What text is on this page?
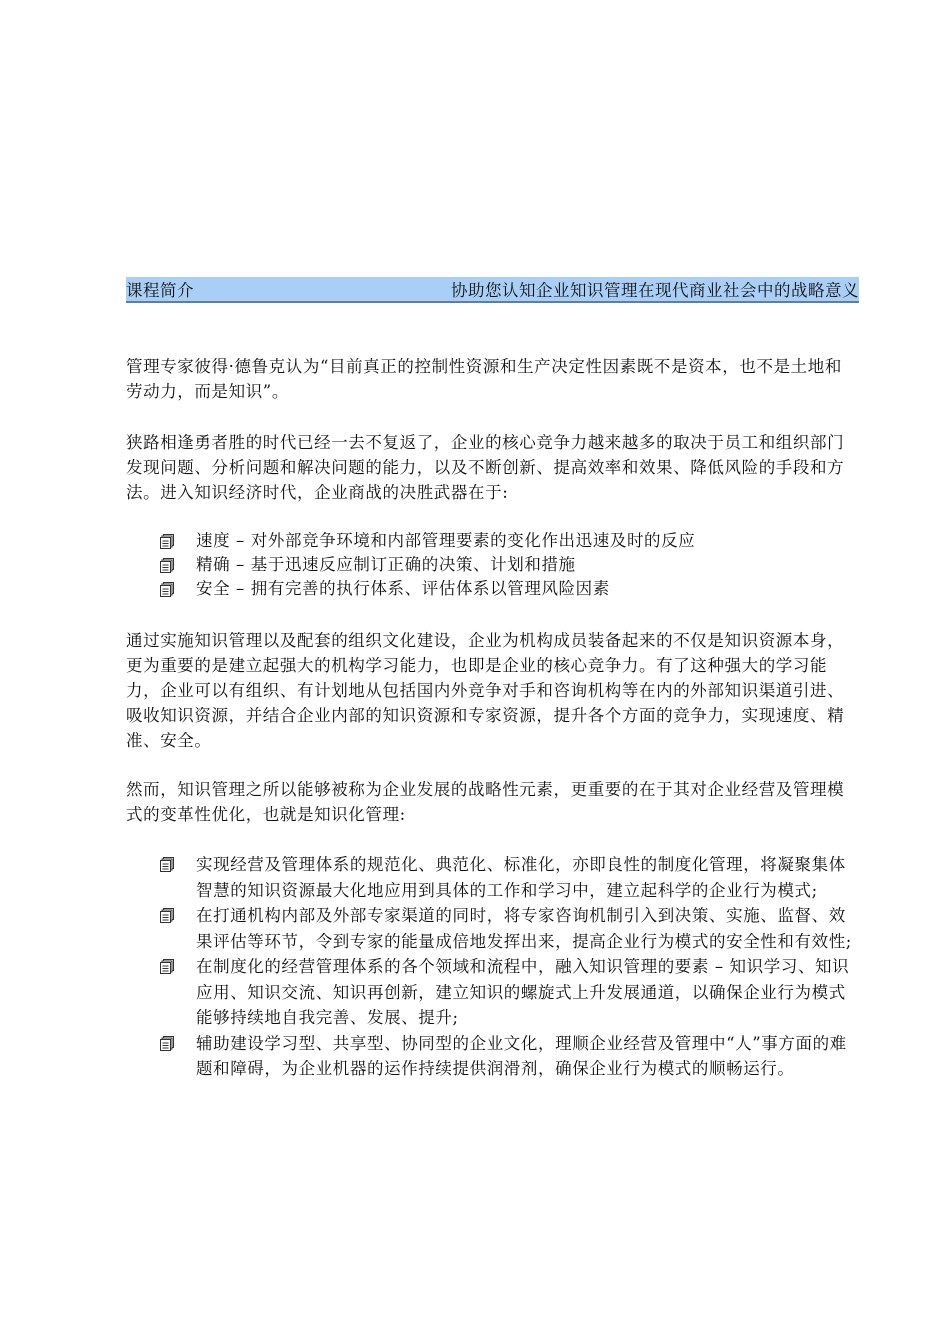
课程简介	协助您认知企业知识管理在现代商业社会中的战略意义

管理专家彼得·德鲁克认为“目前真正的控制性资源和生产决定性因素既不是资本，也不是土地和劳动力，而是知识”。

狭路相逢勇者胜的时代已经一去不复返了，企业的核心竞争力越来越多的取决于员工和组织部门发现问题、分析问题和解决问题的能力，以及不断创新、提高效率和效果、降低风险的手段和方法。进入知识经济时代，企业商战的决胜武器在于:

速度 – 对外部竞争环境和内部管理要素的变化作出迅速及时的反应
精确 – 基于迅速反应制订正确的决策、计划和措施
安全 – 拥有完善的执行体系、评估体系以管理风险因素

通过实施知识管理以及配套的组织文化建设，企业为机构成员装备起来的不仅是知识资源本身，更为重要的是建立起强大的机构学习能力，也即是企业的核心竞争力。有了这种强大的学习能力，企业可以有组织、有计划地从包括国内外竞争对手和咨询机构等在内的外部知识渠道引进、吸收知识资源，并结合企业内部的知识资源和专家资源，提升各个方面的竞争力，实现速度、精准、安全。

然而，知识管理之所以能够被称为企业发展的战略性元素，更重要的在于其对企业经营及管理模式的变革性优化，也就是知识化管理:

实现经营及管理体系的规范化、典范化、标准化，亦即良性的制度化管理，将凝聚集体智慧的知识资源最大化地应用到具体的工作和学习中，建立起科学的企业行为模式;
在打通机构内部及外部专家渠道的同时，将专家咨询机制引入到决策、实施、监督、效果评估等环节，令到专家的能量成倍地发挥出来，提高企业行为模式的安全性和有效性;
在制度化的经营管理体系的各个领域和流程中，融入知识管理的要素 – 知识学习、知识应用、知识交流、知识再创新，建立知识的螺旋式上升发展通道，以确保企业行为模式能够持续地自我完善、发展、提升;
辅助建设学习型、共享型、协同型的企业文化，理顺企业经营及管理中“人”事方面的难题和障碍，为企业机器的运作持续提供润滑剂，确保企业行为模式的顺畅运行。
